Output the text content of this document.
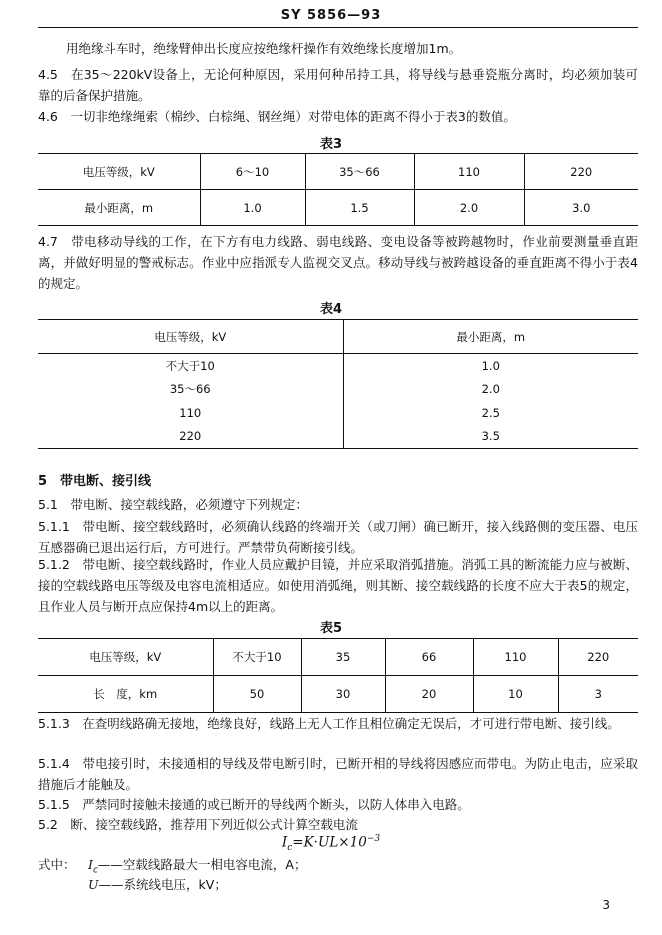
SY 5856—93
用绝缘斗车时，绝缘臂伸出长度应按绝缘杆操作有效绝缘长度增加1m。
4.5　在35～220kV设备上，无论何种原因，采用何种吊持工具，将导线与悬垂瓷瓶分离时，均必须加装可靠的后备保护措施。
4.6　一切非绝缘绳索（棉纱、白棕绳、钢丝绳）对带电体的距离不得小于表3的数值。
表3
电压等级，kV	6～10	35～66	110	220
最小距离，m	1.0	1.5	2.0	3.0
4.7　带电移动导线的工作，在下方有电力线路、弱电线路、变电设备等被跨越物时，作业前要测量垂直距离，并做好明显的警戒标志。作业中应指派专人监视交叉点。移动导线与被跨越设备的垂直距离不得小于表4的规定。
表4
电压等级，kV	最小距离，m
不大于10	1.0
35～66	2.0
110	2.5
220	3.5
5　带电断、接引线
5.1　带电断、接空载线路，必须遵守下列规定：
5.1.1　带电断、接空载线路时，必须确认线路的终端开关（或刀闸）确已断开，接入线路侧的变压器、电压互感器确已退出运行后，方可进行。严禁带负荷断接引线。
5.1.2　带电断、接空载线路时，作业人员应戴护目镜，并应采取消弧措施。消弧工具的断流能力应与被断、接的空载线路电压等级及电容电流相适应。如使用消弧绳，则其断、接空载线路的长度不应大于表5的规定，且作业人员与断开点应保持4m以上的距离。
表5
电压等级，kV	不大于10	35	66	110	220
长　度，km	50	30	20	10	3
5.1.3　在查明线路确无接地，绝缘良好，线路上无人工作且相位确定无误后，才可进行带电断、接引线。
5.1.4　带电接引时，未接通相的导线及带电断引时，已断开相的导线将因感应而带电。为防止电击，应采取措施后才能触及。
5.1.5　严禁同时接触未接通的或已断开的导线两个断头，以防人体串入电路。
5.2　断、接空载线路，推荐用下列近似公式计算空载电流
$I_c=K\cdot UL\times 10^{-3}$
式中： $I_c——$空载线路最大一相电容电流，A；
U——系统线电压，kV；
3
